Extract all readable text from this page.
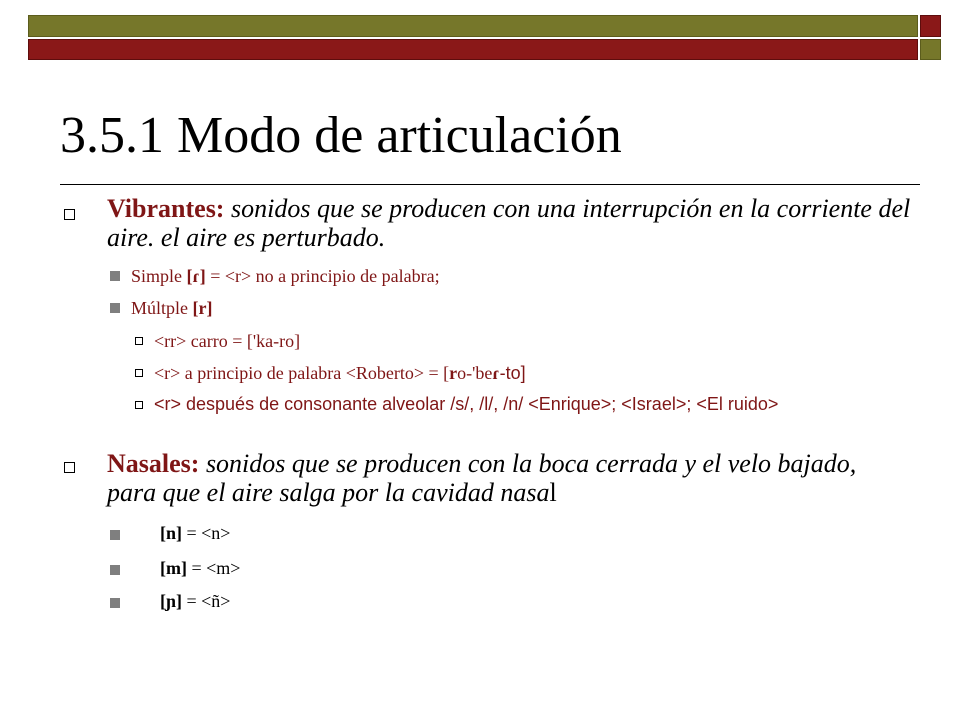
3.5.1 Modo de articulación
Vibrantes: sonidos que se producen con una interrupción en la corriente del aire. el aire es perturbado.
Simple [ɾ] = <r> no a principio de palabra;
Múltple [r]
<rr> carro = ['ka-ro]
<r> a principio de palabra <Roberto> = [ro-'beɾ-to]
<r> después de consonante alveolar /s/, /l/, /n/ <Enrique>; <Israel>; <El ruido>
Nasales: sonidos que se producen con la boca cerrada y el velo bajado, para que el aire salga por la cavidad nasal
[n] = <n>
[m] = <m>
[ɲ] = <ñ>
